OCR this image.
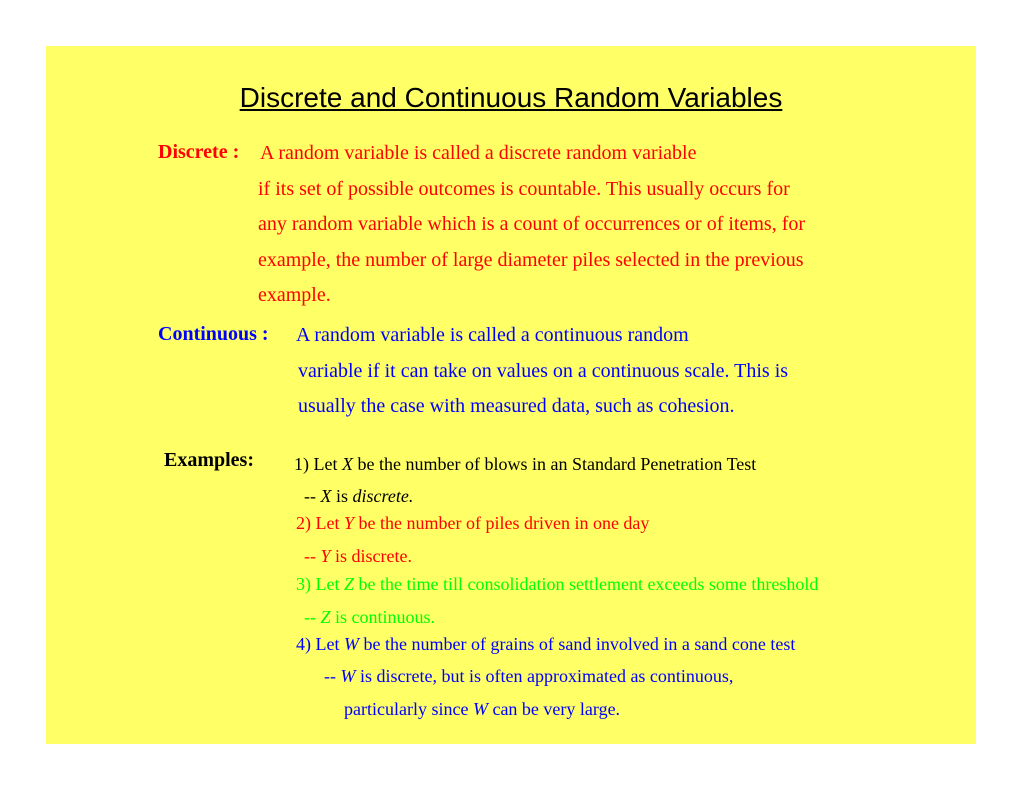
Discrete and Continuous Random Variables
Discrete : A random variable is called a discrete random variable
if its set of possible outcomes is countable. This usually occurs for
any random variable which is a count of occurrences or of items, for
example, the number of large diameter piles selected in the previous
example.
Continuous : A random variable is called a continuous random
variable if it can take on values on a continuous scale. This is
usually the case with measured data, such as cohesion.
Examples: 1) Let X be the number of blows in an Standard Penetration Test
-- X is discrete.
2) Let Y be the number of piles driven in one day
-- Y is discrete.
3) Let Z be the time till consolidation settlement exceeds some threshold
-- Z is continuous.
4) Let W be the number of grains of sand involved in a sand cone test
-- W is discrete, but is often approximated as continuous,
particularly since W can be very large.
